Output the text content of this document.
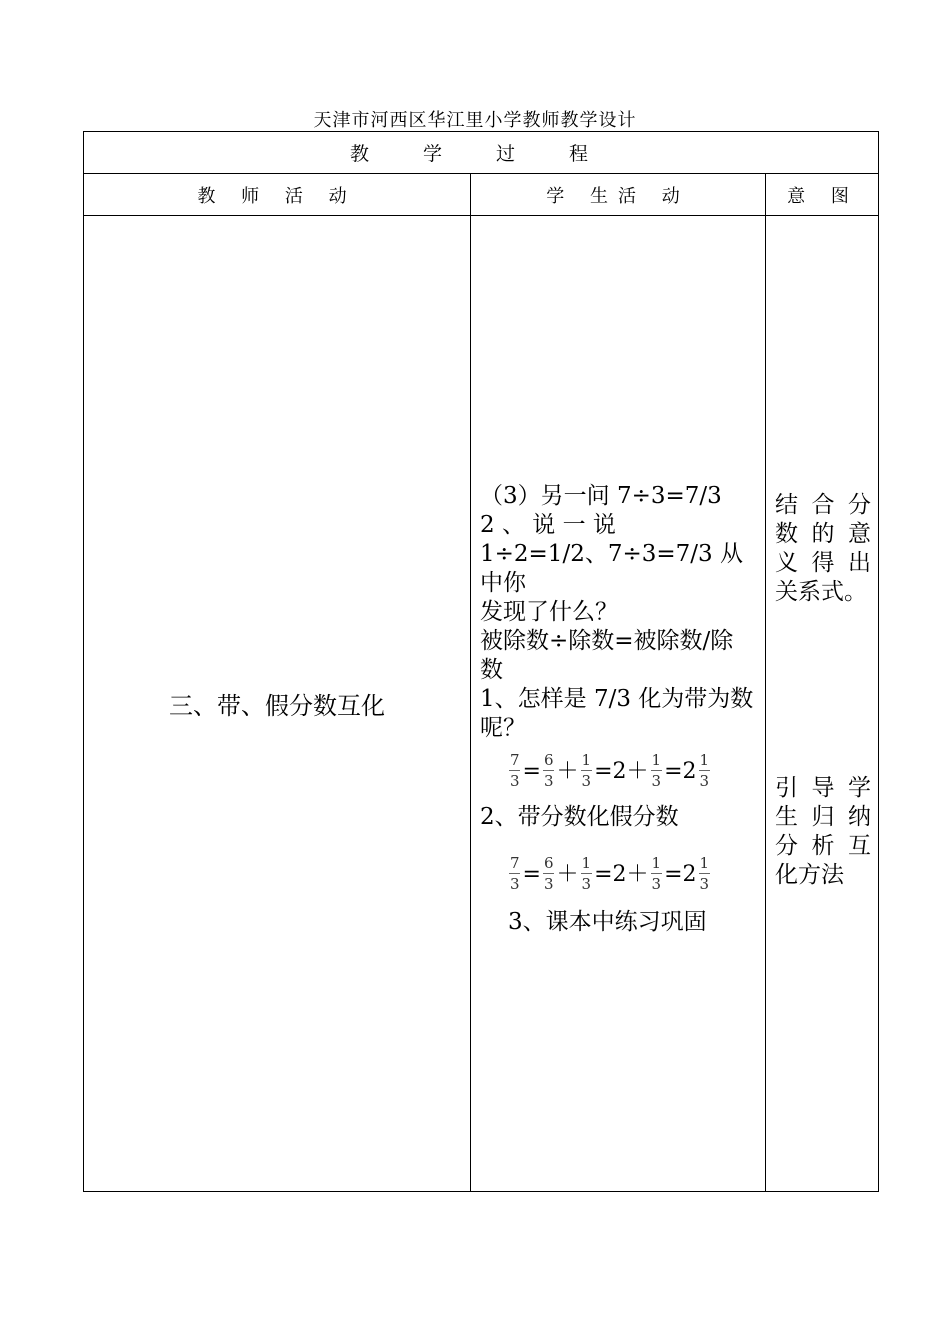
天津市河西区华江里小学教师教学设计
教 学 过 程
教 师 活 动	学 生活 动	意 图
三、带、假分数互化
（3）另一问 7÷3=7/3
2 、 说 一 说
1÷2=1/2、7÷3=7/3 从中你
发现了什么？
被除数÷除数=被除数/除
数
1、怎样是 7/3 化为带为数
呢？
$\frac{7}{3} = \frac{6}{3} + \frac{1}{3} =2+ \frac{1}{3} =2 \frac{1}{3}$
2、带分数化假分数
$\frac{7}{3} = \frac{6}{3} + \frac{1}{3} =2+ \frac{1}{3} =2 \frac{1}{3}$
3、课本中练习巩固
结 合 分
数 的 意
义 得 出
关系式。
引 导 学
生 归 纳
分 析 互
化方法
